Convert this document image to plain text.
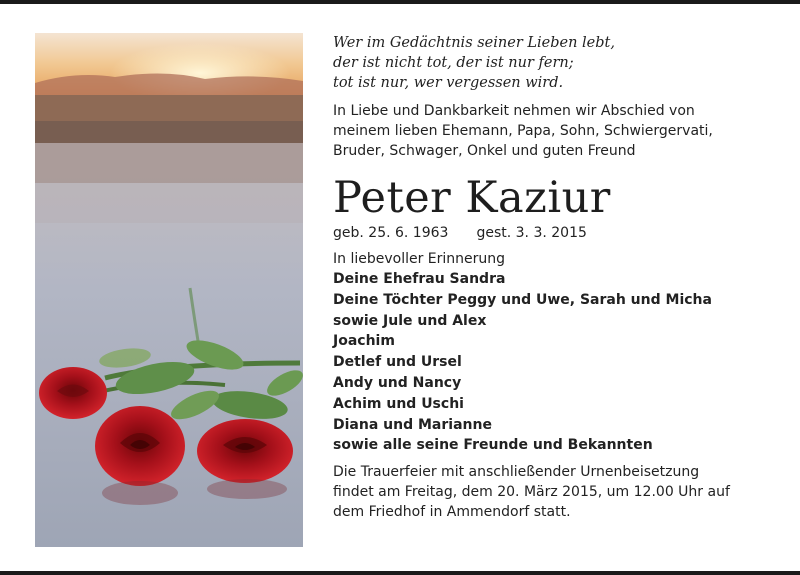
Wer im Gedächtnis seiner Lieben lebt,
der ist nicht tot, der ist nur fern;
tot ist nur, wer vergessen wird.
In Liebe und Dankbarkeit nehmen wir Abschied von
meinem lieben Ehemann, Papa, Sohn, Schwiergervati,
Bruder, Schwager, Onkel und guten Freund
Peter Kaziur
geb. 25. 6. 1963 gest. 3. 3. 2015
In liebevoller Erinnerung
Deine Ehefrau Sandra
Deine Töchter Peggy und Uwe, Sarah und Micha
sowie Jule und Alex
Joachim
Detlef und Ursel
Andy und Nancy
Achim und Uschi
Diana und Marianne
sowie alle seine Freunde und Bekannten
Die Trauerfeier mit anschließender Urnenbeisetzung
findet am Freitag, dem 20. März 2015, um 12.00 Uhr auf
dem Friedhof in Ammendorf statt.
